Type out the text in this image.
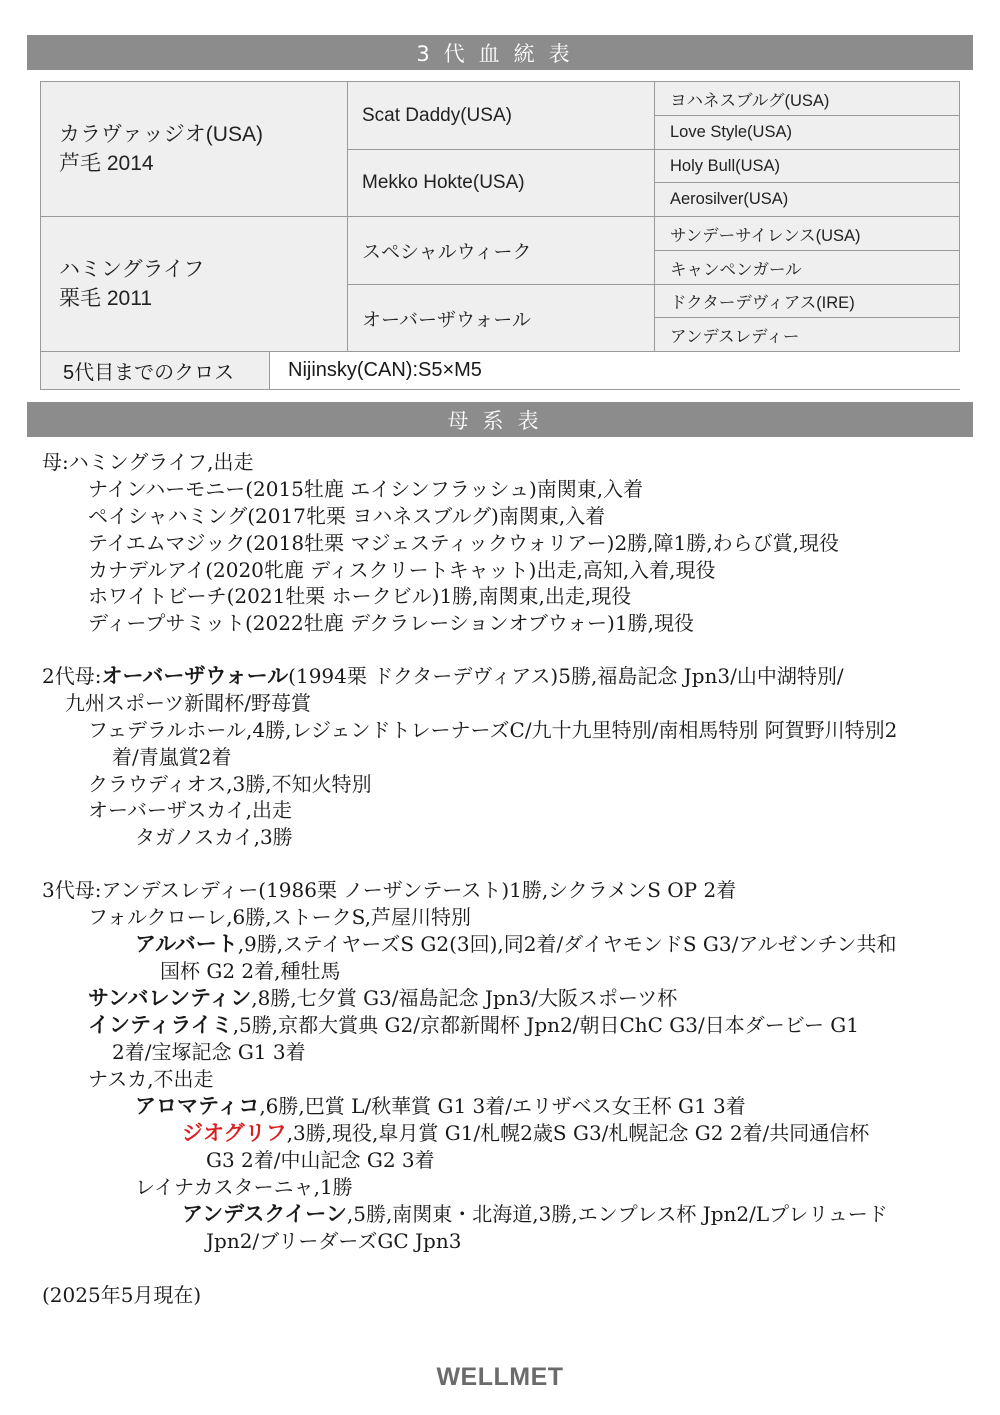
3代血統表
カラヴァッジオ(USA)
芦毛 2014
ハミングライフ
栗毛 2011
Scat Daddy(USA)
Mekko Hokte(USA)
スペシャルウィーク
オーバーザウォール
ヨハネスブルグ(USA)
Love Style(USA)
Holy Bull(USA)
Aerosilver(USA)
サンデーサイレンス(USA)
キャンペンガール
ドクターデヴィアス(IRE)
アンデスレディー
5代目までのクロス	Nijinsky(CAN):S5×M5
母系表
母:ハミングライフ,出走
ナインハーモニー(2015牡鹿 エイシンフラッシュ)南関東,入着
ペイシャハミング(2017牝栗 ヨハネスブルグ)南関東,入着
テイエムマジック(2018牡栗 マジェスティックウォリアー)2勝,障1勝,わらび賞,現役
カナデルアイ(2020牝鹿 ディスクリートキャット)出走,高知,入着,現役
ホワイトビーチ(2021牡栗 ホークビル)1勝,南関東,出走,現役
ディープサミット(2022牡鹿 デクラレーションオブウォー)1勝,現役
2代母:オーバーザウォール(1994栗 ドクターデヴィアス)5勝,福島記念 Jpn3/山中湖特別/
九州スポーツ新聞杯/野苺賞
フェデラルホール,4勝,レジェンドトレーナーズC/九十九里特別/南相馬特別 阿賀野川特別2
着/青嵐賞2着
クラウディオス,3勝,不知火特別
オーバーザスカイ,出走
タガノスカイ,3勝
3代母:アンデスレディー(1986栗 ノーザンテースト)1勝,シクラメンS OP 2着
フォルクローレ,6勝,ストークS,芦屋川特別
アルバート,9勝,ステイヤーズS G2(3回),同2着/ダイヤモンドS G3/アルゼンチン共和
国杯 G2 2着,種牡馬
サンバレンティン,8勝,七夕賞 G3/福島記念 Jpn3/大阪スポーツ杯
インティライミ,5勝,京都大賞典 G2/京都新聞杯 Jpn2/朝日ChC G3/日本ダービー G1
2着/宝塚記念 G1 3着
ナスカ,不出走
アロマティコ,6勝,巴賞 L/秋華賞 G1 3着/エリザベス女王杯 G1 3着
ジオグリフ,3勝,現役,皐月賞 G1/札幌2歳S G3/札幌記念 G2 2着/共同通信杯
G3 2着/中山記念 G2 3着
レイナカスターニャ,1勝
アンデスクイーン,5勝,南関東・北海道,3勝,エンプレス杯 Jpn2/Lプレリュード
Jpn2/ブリーダーズGC Jpn3
(2025年5月現在)
WELLMET
